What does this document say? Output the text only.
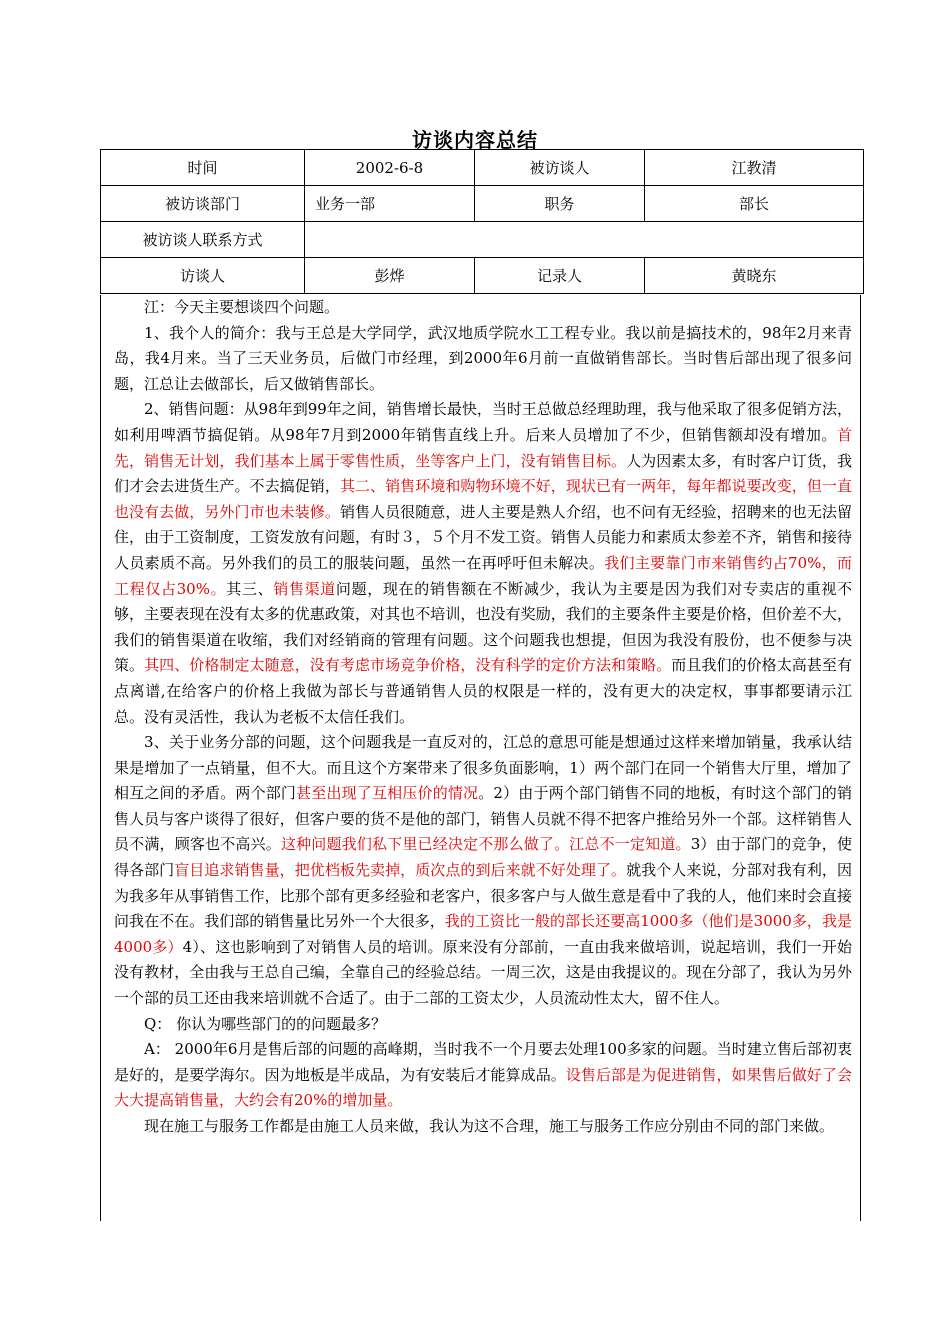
访谈内容总结
时间	2002-6-8	被访谈人	江教清
被访谈部门	业务一部	职务	部长
被访谈人联系方式			
访谈人	彭烨	记录人	黄晓东

江：今天主要想谈四个问题。

1、我个人的简介：我与王总是大学同学，武汉地质学院水工工程专业。我以前是搞技术的，98年2月来青岛，我4月来。当了三天业务员，后做门市经理，到2000年6月前一直做销售部长。当时售后部出现了很多问题，江总让去做部长，后又做销售部长。

2、销售问题：从98年到99年之间，销售增长最快，当时王总做总经理助理，我与他采取了很多促销方法，如利用啤酒节搞促销。从98年7月到2000年销售直线上升。后来人员增加了不少，但销售额却没有增加。首先，销售无计划，我们基本上属于零售性质，坐等客户上门，没有销售目标。人为因素太多，有时客户订货，我们才会去进货生产。不去搞促销，其二、销售环境和购物环境不好，现状已有一两年，每年都说要改变，但一直也没有去做，另外门市也未装修。销售人员很随意，进人主要是熟人介绍，也不问有无经验，招聘来的也无法留住，由于工资制度，工资发放有问题，有时３，５个月不发工资。销售人员能力和素质太参差不齐，销售和接待人员素质不高。另外我们的员工的服装问题，虽然一在再呼吁但未解决。我们主要靠门市来销售约占70%，而工程仅占30%。其三、销售渠道问题，现在的销售额在不断减少，我认为主要是因为我们对专卖店的重视不够，主要表现在没有太多的优惠政策，对其也不培训，也没有奖励，我们的主要条件主要是价格，但价差不大，我们的销售渠道在收缩，我们对经销商的管理有问题。这个问题我也想提，但因为我没有股份，也不便参与决策。其四、价格制定太随意，没有考虑市场竞争价格，没有科学的定价方法和策略。而且我们的价格太高甚至有点离谱,在给客户的价格上我做为部长与普通销售人员的权限是一样的，没有更大的决定权，事事都要请示江总。没有灵活性，我认为老板不太信任我们。

3、关于业务分部的问题，这个问题我是一直反对的，江总的意思可能是想通过这样来增加销量，我承认结果是增加了一点销量，但不大。而且这个方案带来了很多负面影响，1）两个部门在同一个销售大厅里，增加了相互之间的矛盾。两个部门甚至出现了互相压价的情况。2）由于两个部门销售不同的地板，有时这个部门的销售人员与客户谈得了很好，但客户要的货不是他的部门，销售人员就不得不把客户推给另外一个部。这样销售人员不满，顾客也不高兴。这种问题我们私下里已经决定不那么做了。江总不一定知道。3）由于部门的竞争，使得各部门盲目追求销售量，把优档板先卖掉，质次点的到后来就不好处理了。就我个人来说，分部对我有利，因为我多年从事销售工作，比那个部有更多经验和老客户，很多客户与人做生意是看中了我的人，他们来时会直接问我在不在。我们部的销售量比另外一个大很多，我的工资比一般的部长还要高1000多（他们是3000多，我是4000多）4）、这也影响到了对销售人员的培训。原来没有分部前，一直由我来做培训，说起培训，我们一开始没有教材，全由我与王总自己编，全靠自己的经验总结。一周三次，这是由我提议的。现在分部了，我认为另外一个部的员工还由我来培训就不合适了。由于二部的工资太少，人员流动性太大，留不住人。

Q： 你认为哪些部门的的问题最多？

A： 2000年6月是售后部的问题的高峰期，当时我不一个月要去处理100多家的问题。当时建立售后部初衷是好的，是要学海尔。因为地板是半成品，为有安装后才能算成品。设售后部是为促进销售，如果售后做好了会大大提高销售量，大约会有20%的增加量。

现在施工与服务工作都是由施工人员来做，我认为这不合理，施工与服务工作应分别由不同的部门来做。
